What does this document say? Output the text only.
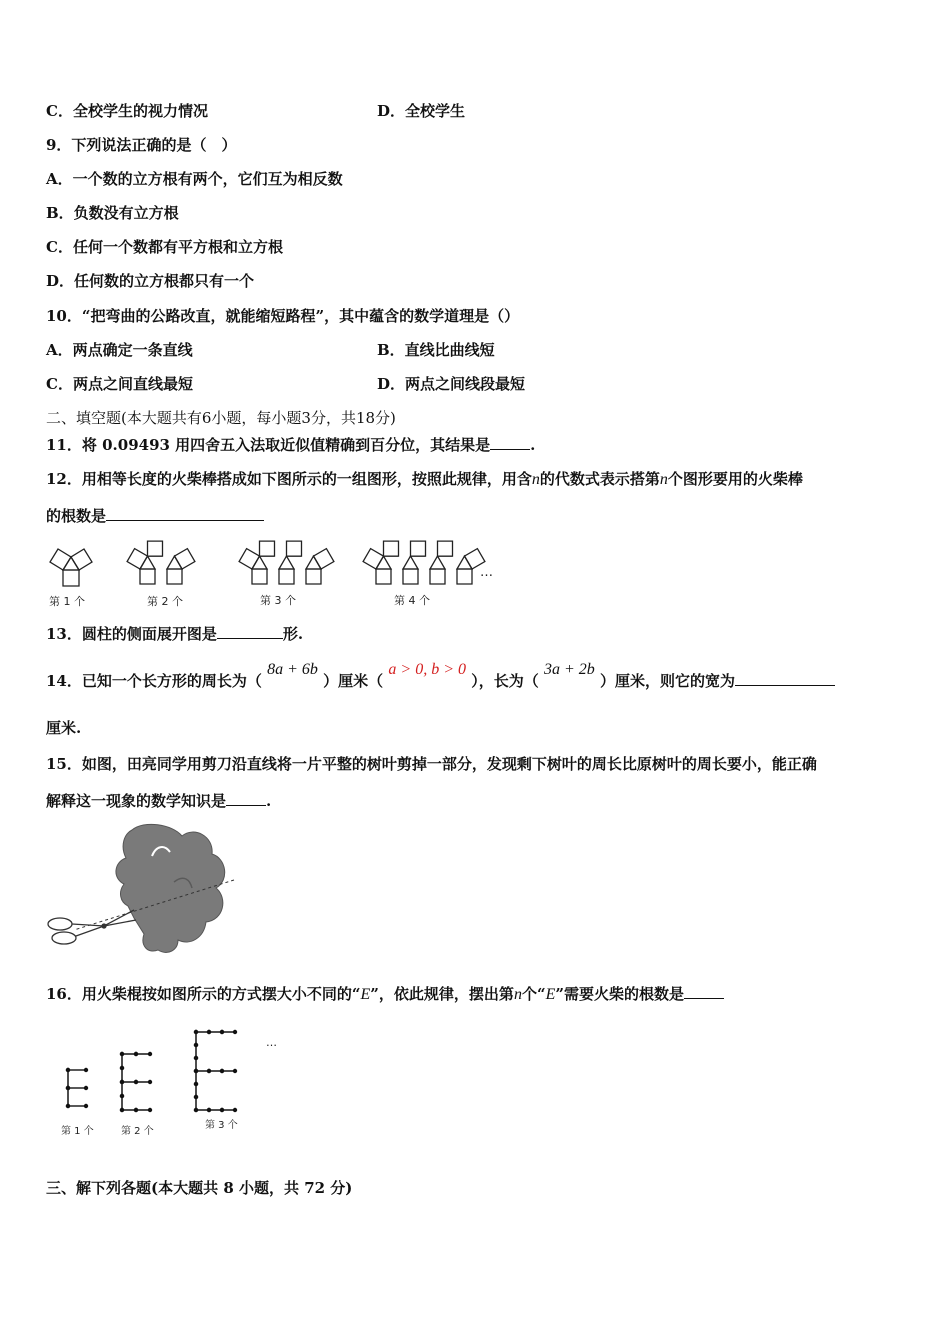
C．全校学生的视力情况	D．全校学生
9．下列说法正确的是（　）
A．一个数的立方根有两个，它们互为相反数
B．负数没有立方根
C．任何一个数都有平方根和立方根
D．任何数的立方根都只有一个
10．“把弯曲的公路改直，就能缩短路程”，其中蕴含的数学道理是（）
A．两点确定一条直线	B．直线比曲线短
C．两点之间直线最短	D．两点之间线段最短
二、填空题(本大题共有6小题，每小题3分，共18分)
11．将 0.09493 用四舍五入法取近似值精确到百分位，其结果是	.
12．用相等长度的火柴棒搭成如下图所示的一组图形，按照此规律，用含n的代数式表示搭第n个图形要用的火柴棒
的根数是
第 1 个	第 2 个	第 3 个	第 4 个
…
13．圆柱的侧面展开图是	形.
14．已知一个长方形的周长为（ 8a + 6b ）厘米（ a > 0, b > 0 ），长为（ 3a + 2b ）厘米，则它的宽为
厘米.
15．如图，田亮同学用剪刀沿直线将一片平整的树叶剪掉一部分，发现剩下树叶的周长比原树叶的周长要小，能正确
解释这一现象的数学知识是	.
16．用火柴棍按如图所示的方式摆大小不同的“E”，依此规律，摆出第n个“E”需要火柴的根数是
第 1 个	第 2 个
第 3 个
…
三、解下列各题(本大题共 8 小题，共 72 分)
